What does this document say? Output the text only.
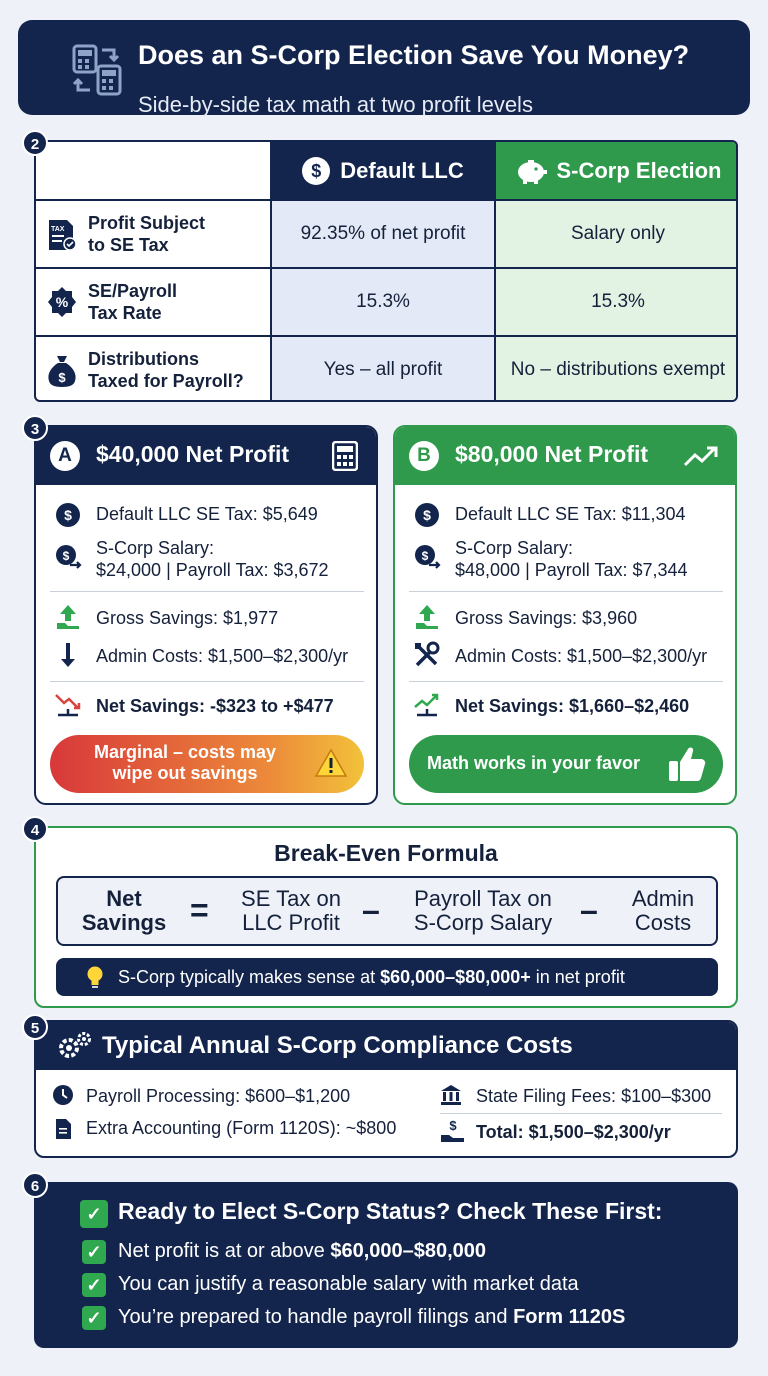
Does an S-Corp Election Save You Money?
Side-by-side tax math at two profit levels
2
$ Default LLC	S-Corp Election
TAX Profit Subject
to SE Tax
92.35% of net profit	Salary only
%
SE/Payroll
Tax Rate
15.3%	15.3%
$
Distributions
Taxed for Payroll?
Yes – all profit	No – distributions exempt
3
A	$40,000 Net Profit
$ Default LLC SE Tax: $5,649
$ S-Corp Salary:
$24,000 | Payroll Tax: $3,672
Gross Savings: $1,977
Admin Costs: $1,500–$2,300/yr
Net Savings: -$323 to +$477
Marginal – costs may
wipe out savings
B	$80,000 Net Profit
$ Default LLC SE Tax: $11,304
$ S-Corp Salary:
$48,000 | Payroll Tax: $7,344
Gross Savings: $3,960
Admin Costs: $1,500–$2,300/yr
Net Savings: $1,660–$2,460
Math works in your favor
4
Break-Even Formula
Net
Savings =	SE Tax on
LLC Profit –	Payroll Tax on
S-Corp Salary –	Admin
Costs
S-Corp typically makes sense at $60,000–$80,000+ in net profit
5
Typical Annual S-Corp Compliance Costs
Payroll Processing: $600–$1,200
Extra Accounting (Form 1120S): ~$800
State Filing Fees: $100–$300
$ Total: $1,500–$2,300/yr
6
✓ Ready to Elect S-Corp Status? Check These First:
✓ Net profit is at or above $60,000–$80,000
✓ You can justify a reasonable salary with market data
✓ You’re prepared to handle payroll filings and Form 1120S
